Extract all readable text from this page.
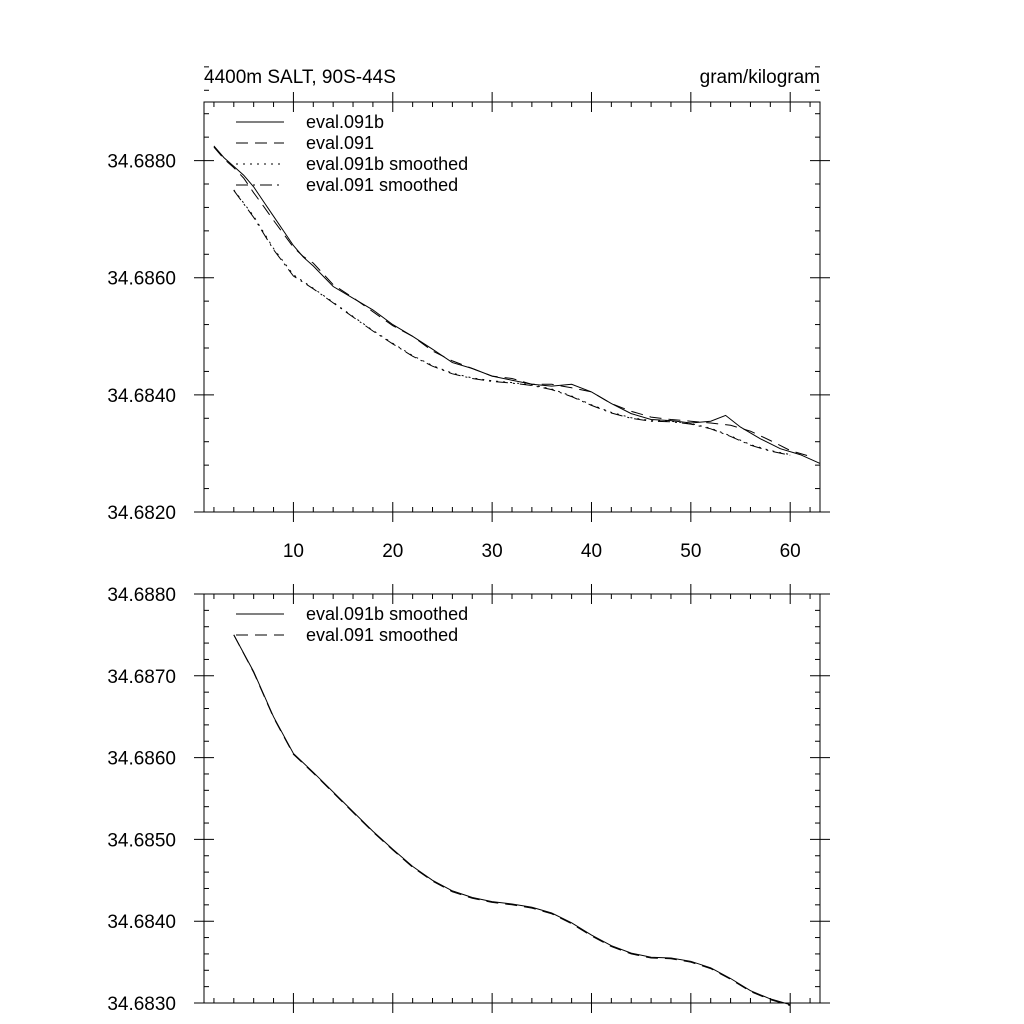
4400m SALT, 90S-44S	gram/kilogram
10	20	30	40	50	60
34.6820
34.6840
34.6860
34.6880
eval.091b
eval.091
eval.091b smoothed
eval.091 smoothed
34.6830
34.6840
34.6850
34.6860
34.6870
34.6880
eval.091b smoothed
eval.091 smoothed
